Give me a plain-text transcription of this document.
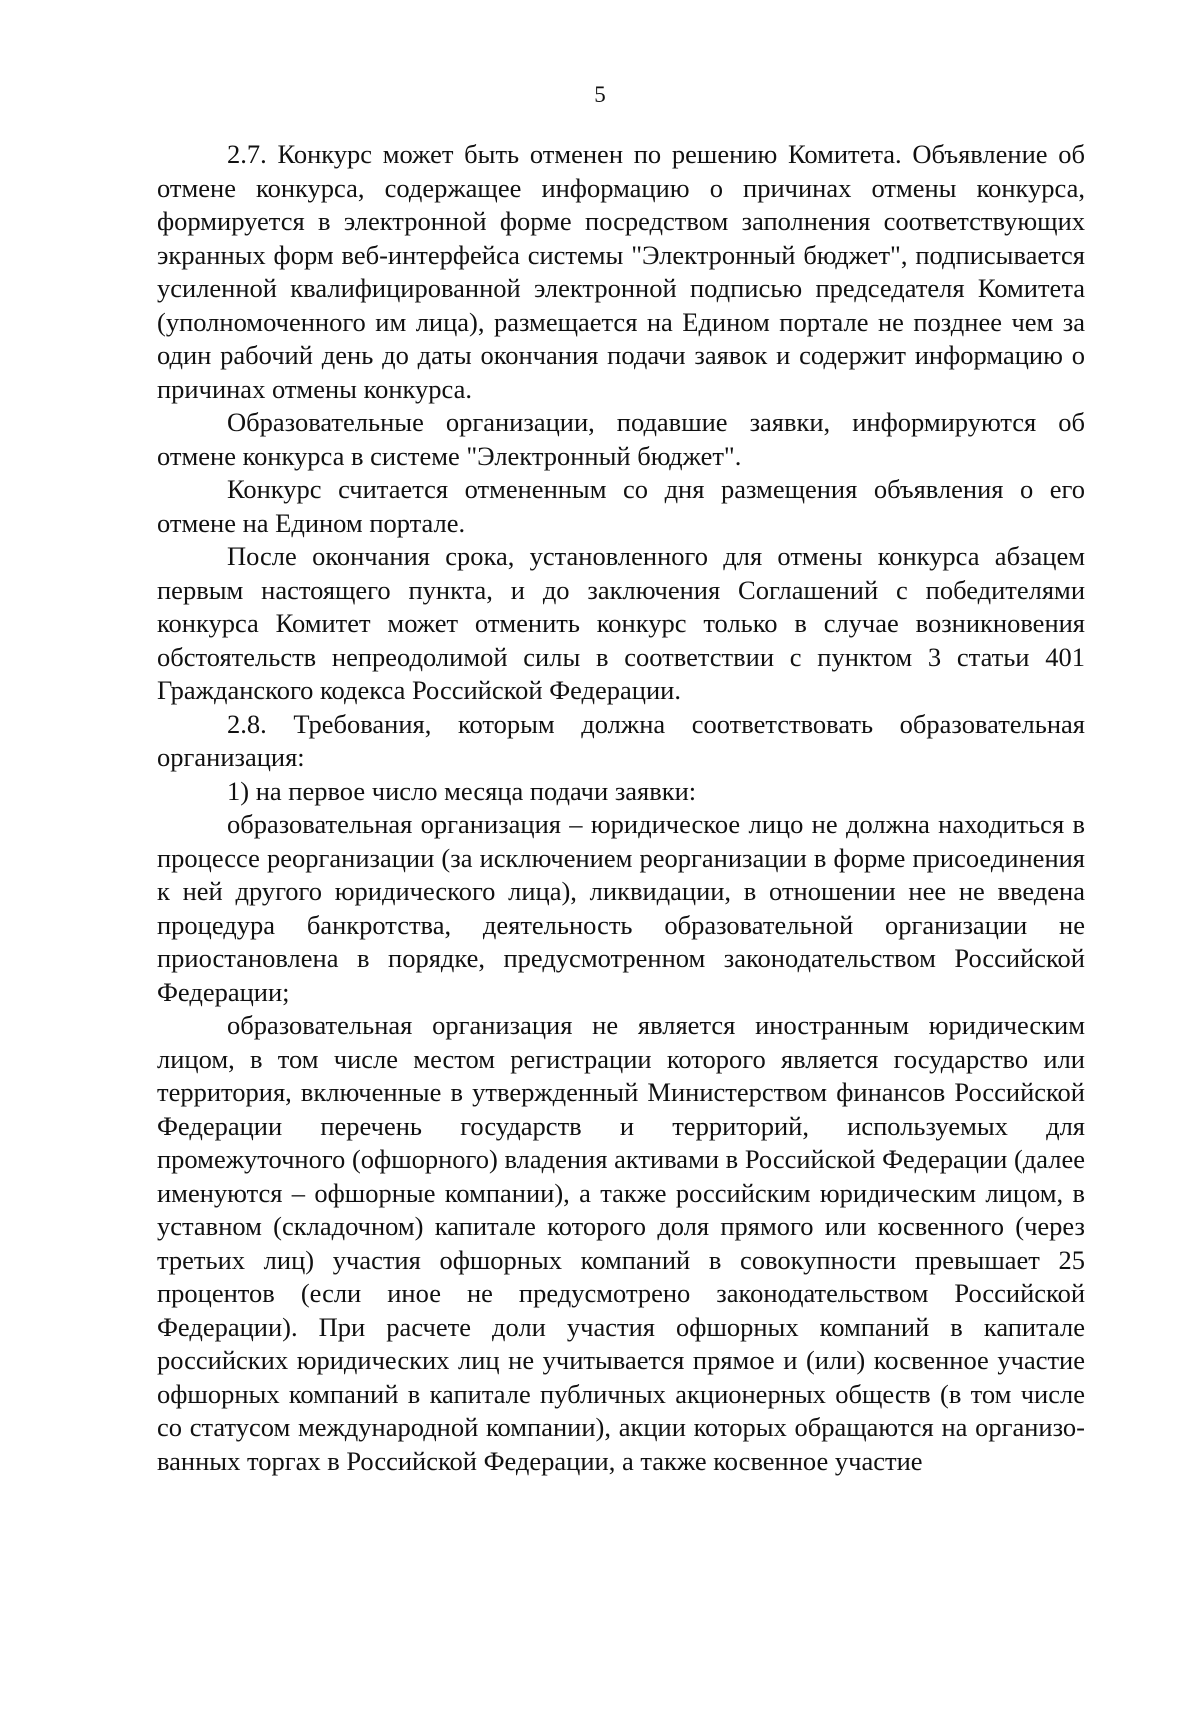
5

2.7. Конкурс может быть отменен по решению Комитета. Объявление об отмене конкурса, содержащее информацию о причинах отмены конкурса, формируется в электронной форме посредством заполнения соответствующих экранных форм веб-интерфейса системы "Электронный бюджет", подписывается усиленной квалифицированной электронной подписью председателя Комитета (уполномоченного им лица), размещается на Едином портале не позднее чем за один рабочий день до даты окончания подачи заявок и содержит информацию о причинах отмены конкурса.

Образовательные организации, подавшие заявки, информируются об отмене конкурса в системе "Электронный бюджет".

Конкурс считается отмененным со дня размещения объявления о его отмене на Едином портале.

После окончания срока, установленного для отмены конкурса абзацем первым настоящего пункта, и до заключения Соглашений с победителями конкурса Комитет может отменить конкурс только в случае возникновения обстоятельств непреодолимой силы в соответствии с пунктом 3 статьи 401 Гражданского кодекса Российской Федерации.

2.8. Требования, которым должна соответствовать образовательная организация:

1) на первое число месяца подачи заявки:

образовательная организация – юридическое лицо не должна находиться в процессе реорганизации (за исключением реорганизации в форме присоединения к ней другого юридического лица), ликвидации, в отношении нее не введена процедура банкротства, деятельность образовательной организации не приостановлена в порядке, предусмотренном законодательством Российской Федерации;

образовательная организация не является иностранным юридическим лицом, в том числе местом регистрации которого является государство или территория, включенные в утвержденный Министерством финансов Российской Федерации перечень государств и территорий, используемых для промежуточного (офшорного) владения активами в Российской Федерации (далее именуются – офшорные компании), а также российским юридическим лицом, в уставном (складочном) капитале которого доля прямого или косвенного (через третьих лиц) участия офшорных компаний в совокупности превышает 25 процентов (если иное не предусмотрено законодательством Российской Федерации). При расчете доли участия офшорных компаний в капитале российских юридических лиц не учитывается прямое и (или) косвенное участие офшорных компаний в капитале публичных акционерных обществ (в том числе со статусом международной компании), акции которых обращаются на организованных торгах в Российской Федерации, а также косвенное участие
